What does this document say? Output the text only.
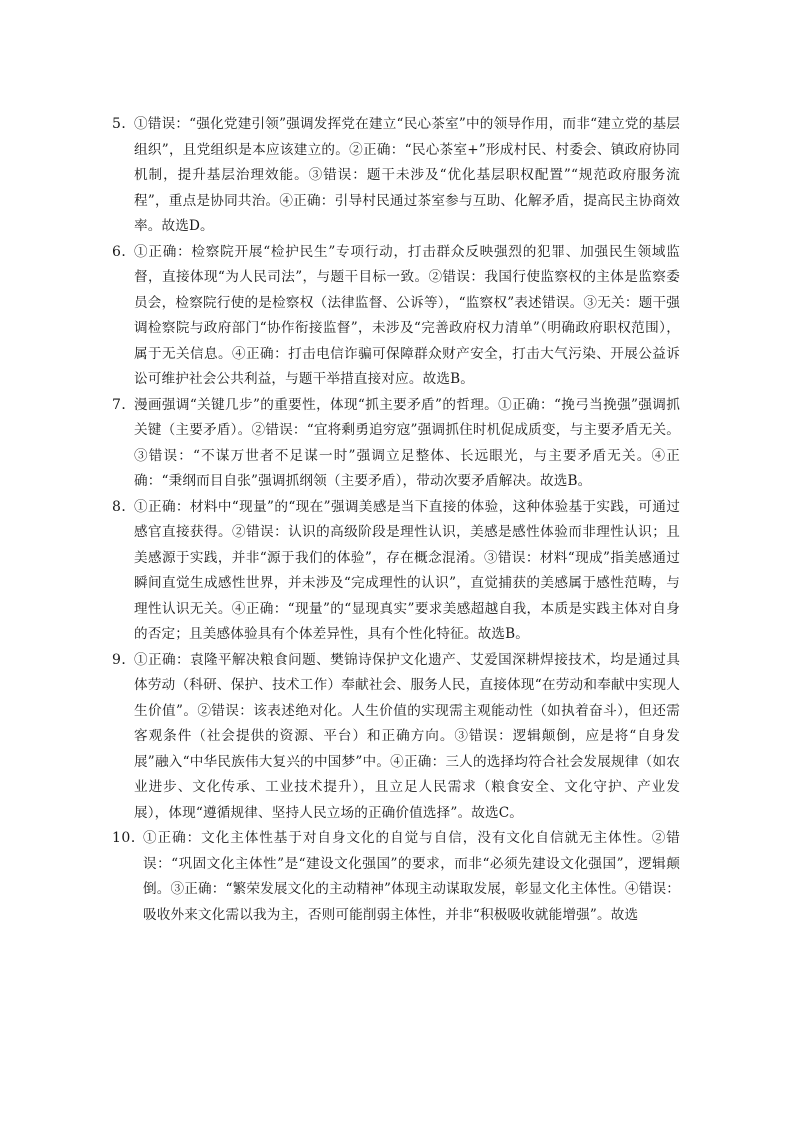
5．
①错误：“强化党建引领”强调发挥党在建立“民心茶室”中的领导作用，而非“建立党的基层组织”，且党组织是本应该建立的。②正确：“民心茶室+”形成村民、村委会、镇政府协同机制，提升基层治理效能。③错误：题干未涉及“优化基层职权配置”“规范政府服务流程”，重点是协同共治。④正确：引导村民通过茶室参与互助、化解矛盾，提高民主协商效率。故选D。
6．
①正确：检察院开展“检护民生”专项行动，打击群众反映强烈的犯罪、加强民生领域监督，直接体现“为人民司法”，与题干目标一致。②错误：我国行使监察权的主体是监察委员会，检察院行使的是检察权（法律监督、公诉等），“监察权”表述错误。③无关：题干强调检察院与政府部门“协作衔接监督”，未涉及“完善政府权力清单”（明确政府职权范围），属于无关信息。④正确：打击电信诈骗可保障群众财产安全，打击大气污染、开展公益诉讼可维护社会公共利益，与题干举措直接对应。故选B。
7．
漫画强调“关键几步”的重要性，体现“抓主要矛盾”的哲理。①正确：“挽弓当挽强”强调抓关键（主要矛盾）。②错误：“宜将剩勇追穷寇”强调抓住时机促成质变，与主要矛盾无关。③错误：“不谋万世者不足谋一时”强调立足整体、长远眼光，与主要矛盾无关。④正确：“秉纲而目自张”强调抓纲领（主要矛盾），带动次要矛盾解决。故选B。
8．
①正确：材料中“现量”的“现在”强调美感是当下直接的体验，这种体验基于实践，可通过感官直接获得。②错误：认识的高级阶段是理性认识，美感是感性体验而非理性认识；且美感源于实践，并非“源于我们的体验”，存在概念混淆。③错误：材料“现成”指美感通过瞬间直觉生成感性世界，并未涉及“完成理性的认识”，直觉捕获的美感属于感性范畴，与理性认识无关。④正确：“现量”的“显现真实”要求美感超越自我，本质是实践主体对自身的否定；且美感体验具有个体差异性，具有个性化特征。故选B。
9．
①正确：袁隆平解决粮食问题、樊锦诗保护文化遗产、艾爱国深耕焊接技术，均是通过具体劳动（科研、保护、技术工作）奉献社会、服务人民，直接体现“在劳动和奉献中实现人生价值”。②错误：该表述绝对化。人生价值的实现需主观能动性（如执着奋斗），但还需客观条件（社会提供的资源、平台）和正确方向。③错误：逻辑颠倒，应是将“自身发展”融入“中华民族伟大复兴的中国梦”中。④正确：三人的选择均符合社会发展规律（如农业进步、文化传承、工业技术提升），且立足人民需求（粮食安全、文化守护、产业发展），体现“遵循规律、坚持人民立场的正确价值选择”。故选C。
10．
①正确：文化主体性基于对自身文化的自觉与自信，没有文化自信就无主体性。②错误：“巩固文化主体性”是“建设文化强国”的要求，而非“必须先建设文化强国”，逻辑颠倒。③正确：“繁荣发展文化的主动精神”体现主动谋取发展，彰显文化主体性。④错误：吸收外来文化需以我为主，否则可能削弱主体性，并非“积极吸收就能增强”。故选
